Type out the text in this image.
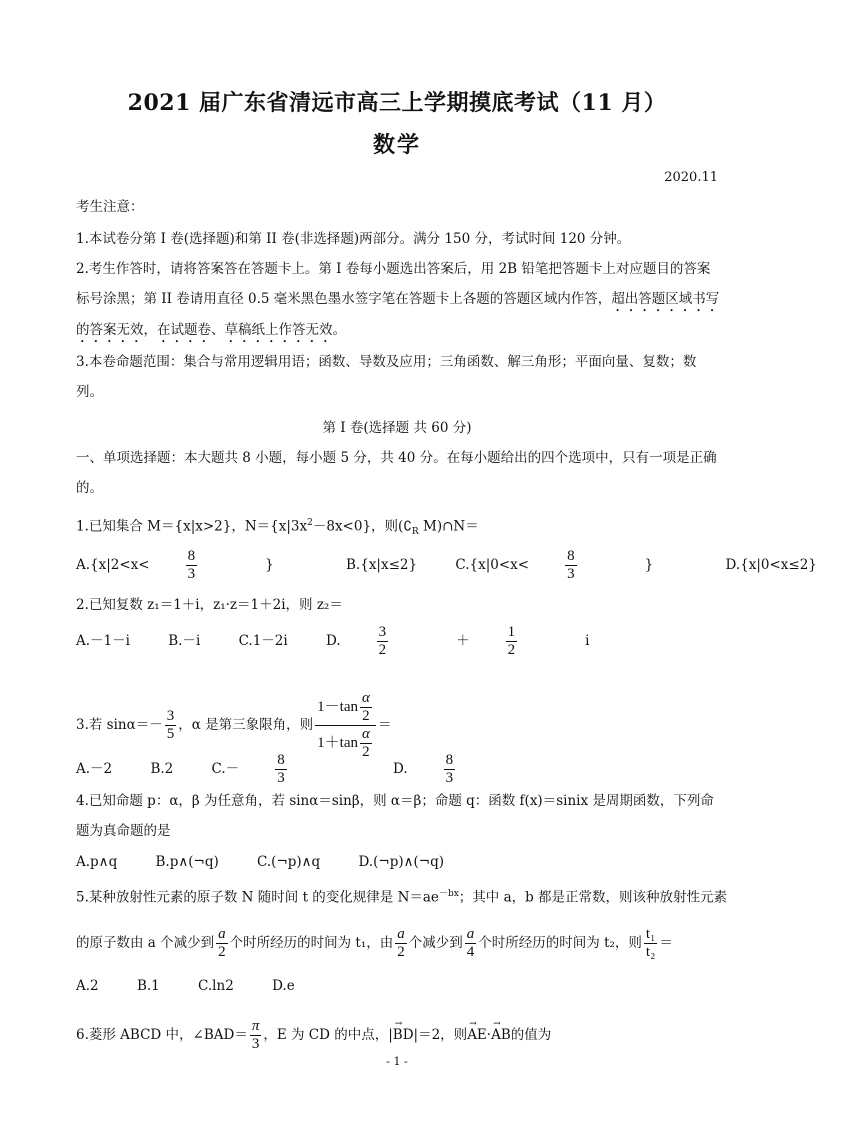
2021 届广东省清远市高三上学期摸底考试（11 月）
数学
2020.11
考生注意：
1.本试卷分第 I 卷(选择题)和第 II 卷(非选择题)两部分。满分 150 分，考试时间 120 分钟。
2.考生作答时，请将答案答在答题卡上。第 I 卷每小题选出答案后，用 2B 铅笔把答题卡上对应题目的答案标号涂黑；第 II 卷请用直径 0.5 毫米黑色墨水签字笔在答题卡上各题的答题区域内作答，超出答题区域书写的答案无效，在试题卷、草稿纸上作答无效。
3.本卷命题范围：集合与常用逻辑用语；函数、导数及应用；三角函数、解三角形；平面向量、复数；数列。
第 I 卷(选择题 共 60 分)
一、单项选择题：本大题共 8 小题，每小题 5 分，共 40 分。在每小题给出的四个选项中，只有一项是正确的。
1.已知集合 M＝{x|x>2}，$N=\{x|3x^2-8x<0\}$，则($∁_R$ M)∩N＝
$A.\{x|2<x< \frac{8}{3}$	}	B.{x|x≤2}	$C.\{x|0<x< \frac{8}{3}$	}	D.{x|0<x≤2}
2.已知复数 z₁＝1＋i，z₁·z＝1＋2i，则 z₂＝
A.－1－i	B.－i	C.1－2i	D. $\frac{3}{2}$	＋ $\frac{1}{2}$	i
3.若 $\sin\alpha=- \frac{3}{5}$ ，α 是第三象限角，则 $\frac{1-\tan \frac{\alpha}{2}}{1+\tan \frac{\alpha}{2}}$ ＝
A.－2	B.2	$C.- \frac{8}{3}$	D. $\frac{8}{3}$
4.已知命题 p：α，β 为任意角，若 sinα＝sinβ，则 α＝β；命题 q：函数 f(x)＝sinix 是周期函数，下列命题为真命题的是
A.p∧q	B.p∧(¬q)	C.(¬p)∧q	D.(¬p)∧(¬q)
5.某种放射性元素的原子数 N 随时间 t 的变化规律是 $N=ae^{-bx}$；其中 a，b 都是正常数，则该种放射性元素
的原子数由 a 个减少到 $\frac{a}{2}$ 个时所经历的时间为 t₁，由 $\frac{a}{2}$ 个减少到 $\frac{a}{4}$ 个时所经历的时间为 t₂，则 $\frac{\text{t₁}}{\text{t₂}}$ ＝
A.2	B.1	C.ln2	D.e
6.菱形 ABCD 中，∠BAD＝ $\frac{\pi}{3}$ ，E 为 CD 的中点，|→ BD|＝2，则→ AE·→ AB的值为
- 1 -
